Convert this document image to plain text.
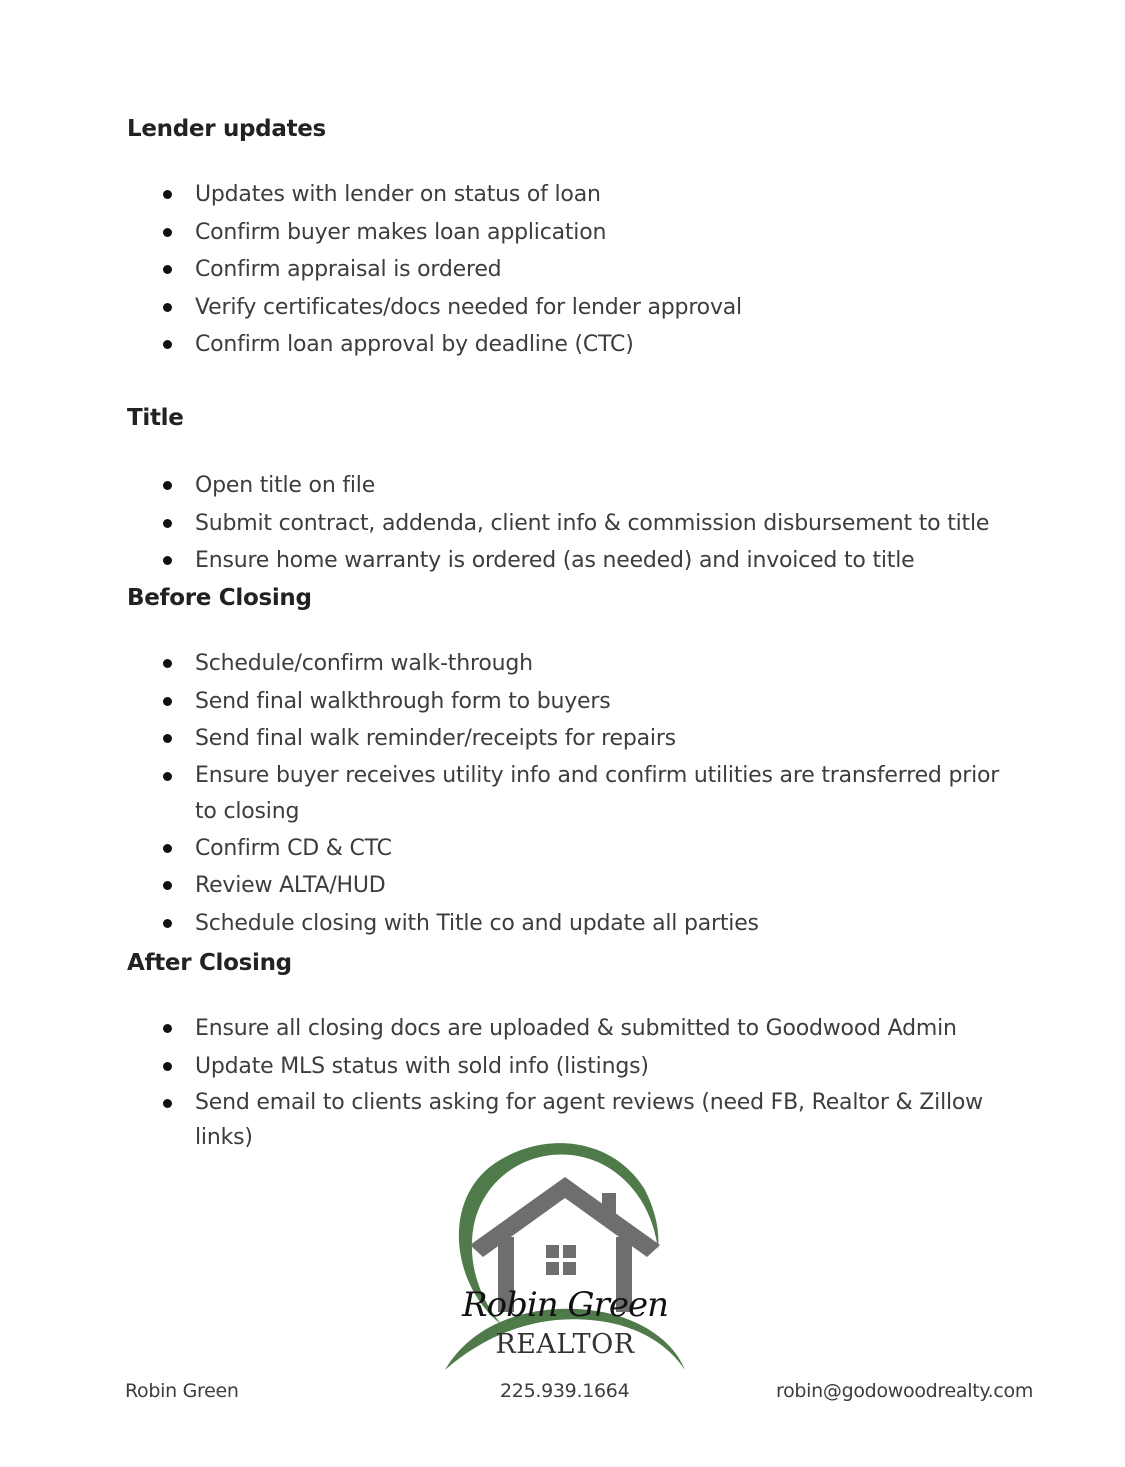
Lender updates
Updates with lender on status of loan
Confirm buyer makes loan application
Confirm appraisal is ordered
Verify certificates/docs needed for lender approval
Confirm loan approval by deadline (CTC)
Title
Open title on file
Submit contract, addenda, client info & commission disbursement to title
Ensure home warranty is ordered (as needed) and invoiced to title
Before Closing
Schedule/confirm walk-through
Send final walkthrough form to buyers
Send final walk reminder/receipts for repairs
Ensure buyer receives utility info and confirm utilities are transferred prior to closing
Confirm CD & CTC
Review ALTA/HUD
Schedule closing with Title co and update all parties
After Closing
Ensure all closing docs are uploaded & submitted to Goodwood Admin
Update MLS status with sold info (listings)
Send email to clients asking for agent reviews (need FB, Realtor & Zillow links)
Robin Green
REALTOR
Robin Green	225.939.1664	robin@godowoodrealty.com
